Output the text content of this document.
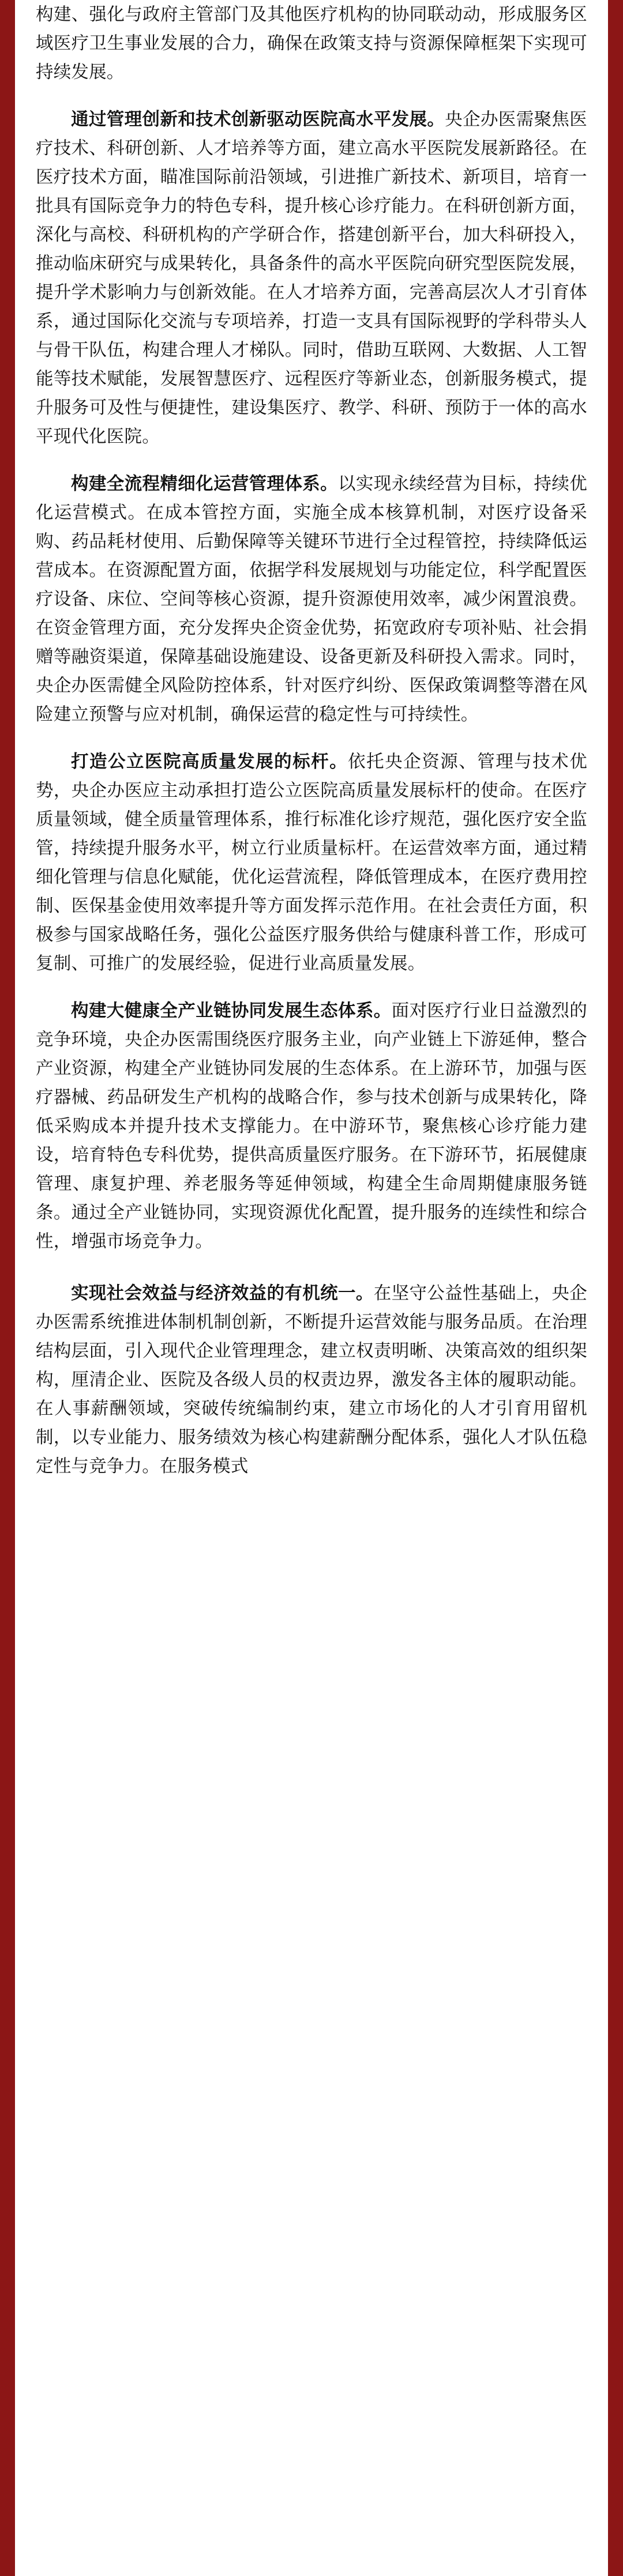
构建、强化与政府主管部门及其他医疗机构的协同联动动，形成服务区域医疗卫生事业发展的合力，确保在政策支持与资源保障框架下实现可持续发展。

通过管理创新和技术创新驱动医院高水平发展。央企办医需聚焦医疗技术、科研创新、人才培养等方面，建立高水平医院发展新路径。在医疗技术方面，瞄准国际前沿领域，引进推广新技术、新项目，培育一批具有国际竞争力的特色专科，提升核心诊疗能力。在科研创新方面，深化与高校、科研机构的产学研合作，搭建创新平台，加大科研投入，推动临床研究与成果转化，具备条件的高水平医院向研究型医院发展，提升学术影响力与创新效能。在人才培养方面，完善高层次人才引育体系，通过国际化交流与专项培养，打造一支具有国际视野的学科带头人与骨干队伍，构建合理人才梯队。同时，借助互联网、大数据、人工智能等技术赋能，发展智慧医疗、远程医疗等新业态，创新服务模式，提升服务可及性与便捷性，建设集医疗、教学、科研、预防于一体的高水平现代化医院。

构建全流程精细化运营管理体系。以实现永续经营为目标，持续优化运营模式。在成本管控方面，实施全成本核算机制，对医疗设备采购、药品耗材使用、后勤保障等关键环节进行全过程管控，持续降低运营成本。在资源配置方面，依据学科发展规划与功能定位，科学配置医疗设备、床位、空间等核心资源，提升资源使用效率，减少闲置浪费。在资金管理方面，充分发挥央企资金优势，拓宽政府专项补贴、社会捐赠等融资渠道，保障基础设施建设、设备更新及科研投入需求。同时，央企办医需健全风险防控体系，针对医疗纠纷、医保政策调整等潜在风险建立预警与应对机制，确保运营的稳定性与可持续性。

打造公立医院高质量发展的标杆。依托央企资源、管理与技术优势，央企办医应主动承担打造公立医院高质量发展标杆的使命。在医疗质量领域，健全质量管理体系，推行标准化诊疗规范，强化医疗安全监管，持续提升服务水平，树立行业质量标杆。在运营效率方面，通过精细化管理与信息化赋能，优化运营流程，降低管理成本，在医疗费用控制、医保基金使用效率提升等方面发挥示范作用。在社会责任方面，积极参与国家战略任务，强化公益医疗服务供给与健康科普工作，形成可复制、可推广的发展经验，促进行业高质量发展。

构建大健康全产业链协同发展生态体系。面对医疗行业日益激烈的竞争环境，央企办医需围绕医疗服务主业，向产业链上下游延伸，整合产业资源，构建全产业链协同发展的生态体系。在上游环节，加强与医疗器械、药品研发生产机构的战略合作，参与技术创新与成果转化，降低采购成本并提升技术支撑能力。在中游环节，聚焦核心诊疗能力建设，培育特色专科优势，提供高质量医疗服务。在下游环节，拓展健康管理、康复护理、养老服务等延伸领域，构建全生命周期健康服务链条。通过全产业链协同，实现资源优化配置，提升服务的连续性和综合性，增强市场竞争力。

实现社会效益与经济效益的有机统一。在坚守公益性基础上，央企办医需系统推进体制机制创新，不断提升运营效能与服务品质。在治理结构层面，引入现代企业管理理念，建立权责明晰、决策高效的组织架构，厘清企业、医院及各级人员的权责边界，激发各主体的履职动能。在人事薪酬领域，突破传统编制约束，建立市场化的人才引育用留机制，以专业能力、服务绩效为核心构建薪酬分配体系，强化人才队伍稳定性与竞争力。在服务模式
